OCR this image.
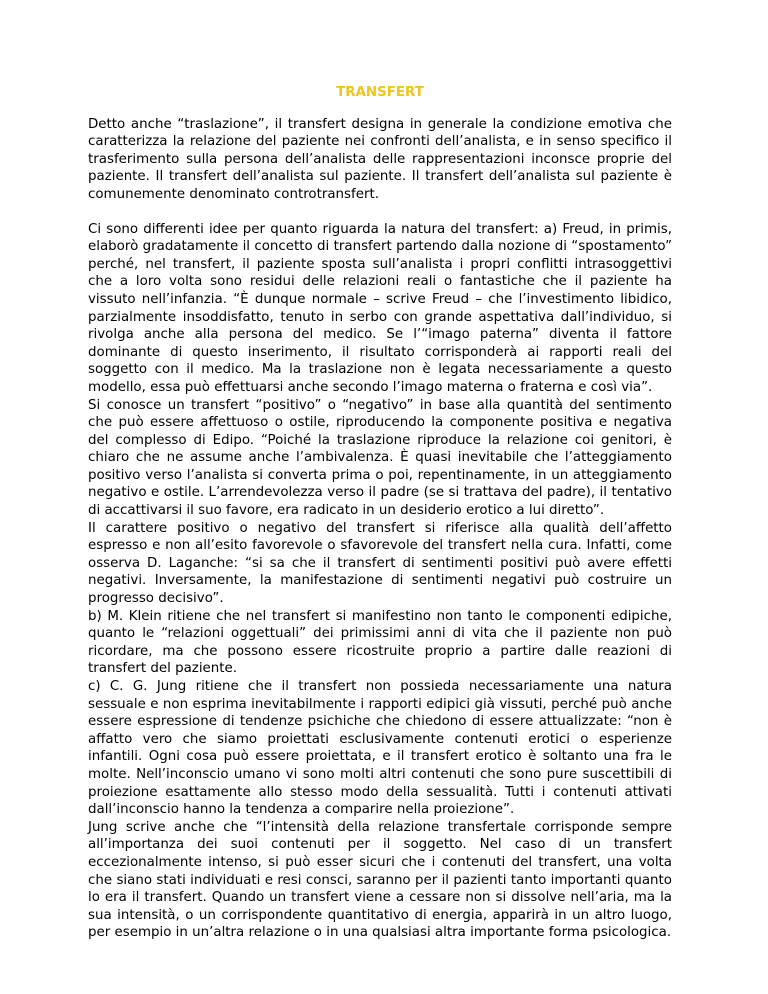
TRANSFERT

Detto anche “traslazione”, il transfert designa in generale la condizione emotiva che caratterizza la relazione del paziente nei confronti dell’analista, e in senso specifico il trasferimento sulla persona dell’analista delle rappresentazioni inconsce proprie del paziente. Il transfert dell’analista sul paziente. Il transfert dell’analista sul paziente è comunemente denominato controtransfert.

Ci sono differenti idee per quanto riguarda la natura del transfert: a) Freud, in primis, elaborò gradatamente il concetto di transfert partendo dalla nozione di “spostamento” perché, nel transfert, il paziente sposta sull’analista i propri conflitti intrasoggettivi che a loro volta sono residui delle relazioni reali o fantastiche che il paziente ha vissuto nell’infanzia. “È dunque normale – scrive Freud – che l’investimento libidico, parzialmente insoddisfatto, tenuto in serbo con grande aspettativa dall’individuo, si rivolga anche alla persona del medico. Se l’“imago paterna” diventa il fattore dominante di questo inserimento, il risultato corrisponderà ai rapporti reali del soggetto con il medico. Ma la traslazione non è legata necessariamente a questo modello, essa può effettuarsi anche secondo l’imago materna o fraterna e così via”.

Si conosce un transfert “positivo” o “negativo” in base alla quantità del sentimento che può essere affettuoso o ostile, riproducendo la componente positiva e negativa del complesso di Edipo. “Poiché la traslazione riproduce la relazione coi genitori, è chiaro che ne assume anche l’ambivalenza. È quasi inevitabile che l’atteggiamento positivo verso l’analista si converta prima o poi, repentinamente, in un atteggiamento negativo e ostile. L’arrendevolezza verso il padre (se si trattava del padre), il tentativo di accattivarsi il suo favore, era radicato in un desiderio erotico a lui diretto”.

Il carattere positivo o negativo del transfert si riferisce alla qualità dell’affetto espresso e non all’esito favorevole o sfavorevole del transfert nella cura. Infatti, come osserva D. Laganche: “si sa che il transfert di sentimenti positivi può avere effetti negativi. Inversamente, la manifestazione di sentimenti negativi può costruire un progresso decisivo”.

b) M. Klein ritiene che nel transfert si manifestino non tanto le componenti edipiche, quanto le “relazioni oggettuali” dei primissimi anni di vita che il paziente non può ricordare, ma che possono essere ricostruite proprio a partire dalle reazioni di transfert del paziente.

c) C. G. Jung ritiene che il transfert non possieda necessariamente una natura sessuale e non esprima inevitabilmente i rapporti edipici già vissuti, perché può anche essere espressione di tendenze psichiche che chiedono di essere attualizzate: “non è affatto vero che siamo proiettati esclusivamente contenuti erotici o esperienze infantili. Ogni cosa può essere proiettata, e il transfert erotico è soltanto una fra le molte. Nell’inconscio umano vi sono molti altri contenuti che sono pure suscettibili di proiezione esattamente allo stesso modo della sessualità. Tutti i contenuti attivati dall’inconscio hanno la tendenza a comparire nella proiezione”.

Jung scrive anche che “l’intensità della relazione transfertale corrisponde sempre all’importanza dei suoi contenuti per il soggetto. Nel caso di un transfert eccezionalmente intenso, si può esser sicuri che i contenuti del transfert, una volta che siano stati individuati e resi consci, saranno per il pazienti tanto importanti quanto lo era il transfert. Quando un transfert viene a cessare non si dissolve nell’aria, ma la sua intensità, o un corrispondente quantitativo di energia, apparirà in un altro luogo, per esempio in un’altra relazione o in una qualsiasi altra importante forma psicologica.
